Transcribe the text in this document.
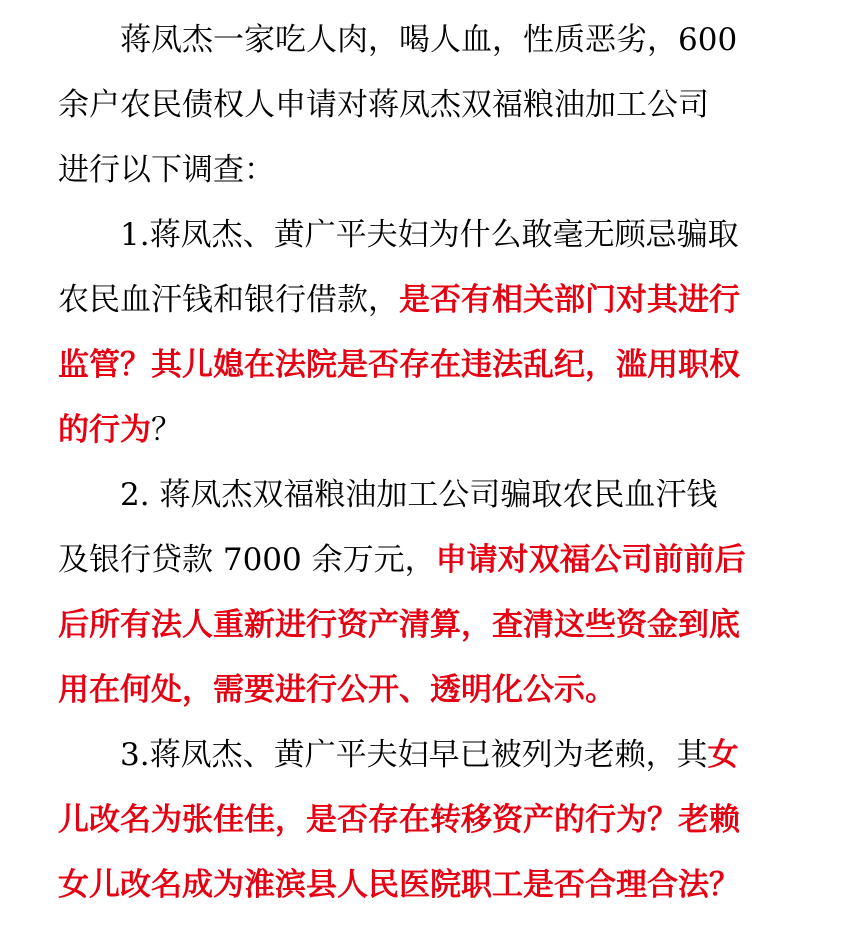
　　蒋凤杰一家吃人肉，喝人血，性质恶劣，600
余户农民债权人申请对蒋凤杰双福粮油加工公司
进行以下调查：
　　1.蒋凤杰、黄广平夫妇为什么敢毫无顾忌骗取
农民血汗钱和银行借款，是否有相关部门对其进行
监管？其儿媳在法院是否存在违法乱纪，滥用职权
的行为？
　　2. 蒋凤杰双福粮油加工公司骗取农民血汗钱
及银行贷款 7000 余万元，申请对双福公司前前后
后所有法人重新进行资产清算，查清这些资金到底
用在何处，需要进行公开、透明化公示。
　　3.蒋凤杰、黄广平夫妇早已被列为老赖，其女
儿改名为张佳佳，是否存在转移资产的行为？老赖
女儿改名成为淮滨县人民医院职工是否合理合法？
